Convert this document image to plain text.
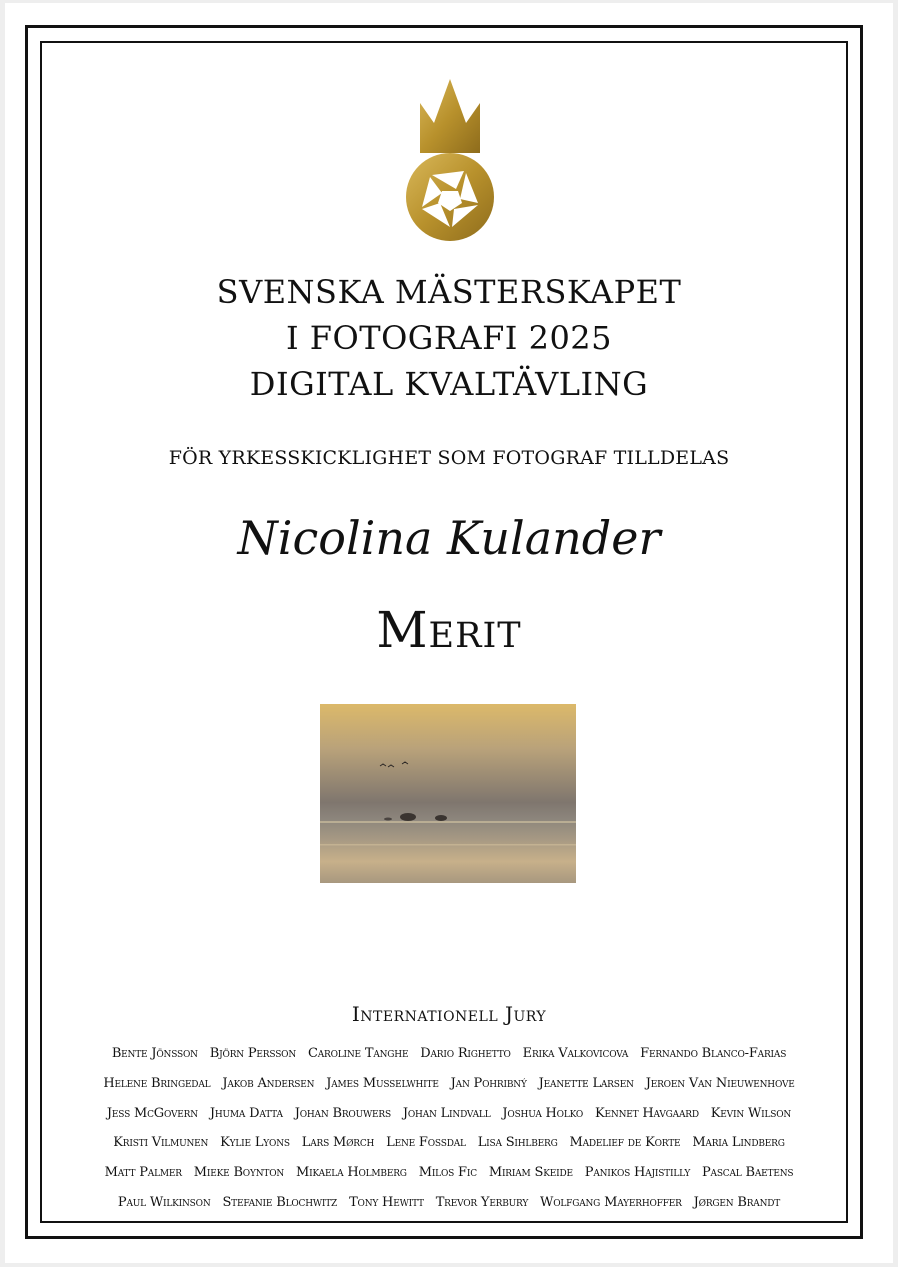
SVENSKA MÄSTERSKAPET
I FOTOGRAFI 2025
DIGITAL KVALTÄVLING
FÖR YRKESSKICKLIGHET SOM FOTOGRAF TILLDELAS
Nicolina Kulander
Merit
Internationell Jury
Bente Jönsson Björn Persson Caroline Tanghe Dario Righetto Erika Valkovicova Fernando Blanco-Farias
Helene Bringedal Jakob Andersen James Musselwhite Jan Pohribný Jeanette Larsen Jeroen Van Nieuwenhove
Jess McGovern Jhuma Datta Johan Brouwers Johan Lindvall Joshua Holko Kennet Havgaard Kevin Wilson
Kristi Vilmunen Kylie Lyons Lars Mørch Lene Fossdal Lisa Sihlberg Madelief de Korte Maria Lindberg
Matt Palmer Mieke Boynton Mikaela Holmberg Milos Fic Miriam Skeide Panikos Hajistilly Pascal Baetens
Paul Wilkinson Stefanie Blochwitz Tony Hewitt Trevor Yerbury Wolfgang Mayerhoffer Jørgen Brandt
